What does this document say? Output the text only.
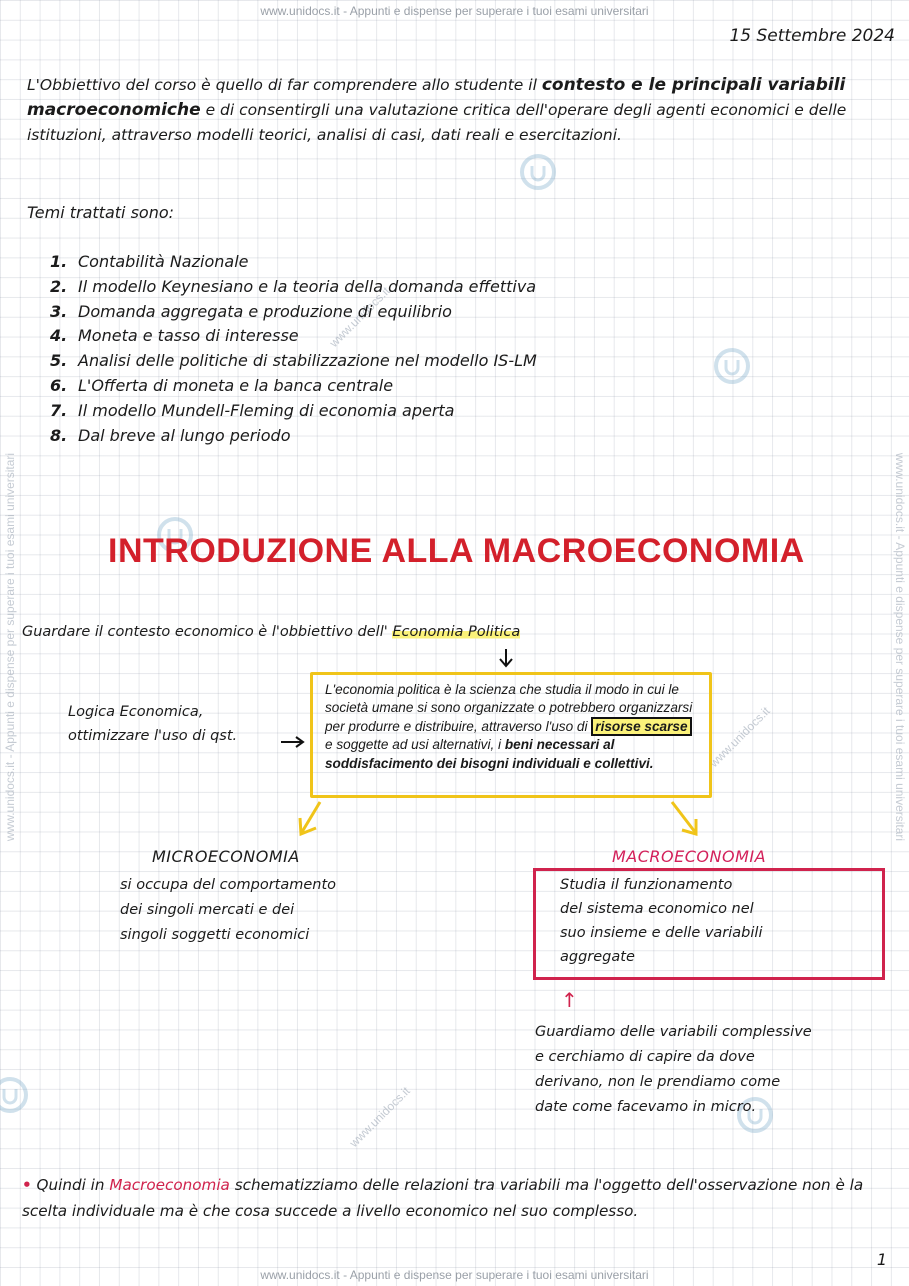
www.unidocs.it - Appunti e dispense per superare i tuoi esami universitari
www.unidocs.it - Appunti e dispense per superare i tuoi esami universitari
www.unidocs.it - Appunti e dispense per superare i tuoi esami universitari	www.unidocs.it - Appunti e dispense per superare i tuoi esami universitari
www.unidocs.it
www.unidocs.it
www.unidocs.it
15 Settembre 2024
L'Obbiettivo del corso è quello di far comprendere allo studente il contesto e le principali variabili macroeconomiche e di consentirgli una valutazione critica dell'operare degli agenti economici e delle istituzioni, attraverso modelli teorici, analisi di casi, dati reali e esercitazioni.
Temi trattati sono:
1. Contabilità Nazionale
2. Il modello Keynesiano e la teoria della domanda effettiva
3. Domanda aggregata e produzione di equilibrio
4. Moneta e tasso di interesse
5. Analisi delle politiche di stabilizzazione nel modello IS-LM
6. L'Offerta di moneta e la banca centrale
7. Il modello Mundell-Fleming di economia aperta
8. Dal breve al lungo periodo
INTRODUZIONE ALLA MACROECONOMIA
Guardare il contesto economico è l'obbiettivo dell' Economia Politica
Logica Economica,
ottimizzare l'uso di qst.
L'economia politica è la scienza che studia il modo in cui le società umane si sono organizzate o potrebbero organizzarsi per produrre e distribuire, attraverso l'uso di risorse scarse e soggette ad usi alternativi, i beni necessari al soddisfacimento dei bisogni individuali e collettivi.
MICROECONOMIA
si occupa del comportamento
dei singoli mercati e dei
singoli soggetti economici
MACROECONOMIA
Studia il funzionamento
del sistema economico nel
suo insieme e delle variabili
aggregate
↑
Guardiamo delle variabili complessive
e cerchiamo di capire da dove
derivano, non le prendiamo come
date come facevamo in micro.
• Quindi in Macroeconomia schematizziamo delle relazioni tra variabili ma l'oggetto dell'osservazione non è la scelta individuale ma è che cosa succede a livello economico nel suo complesso.
1
